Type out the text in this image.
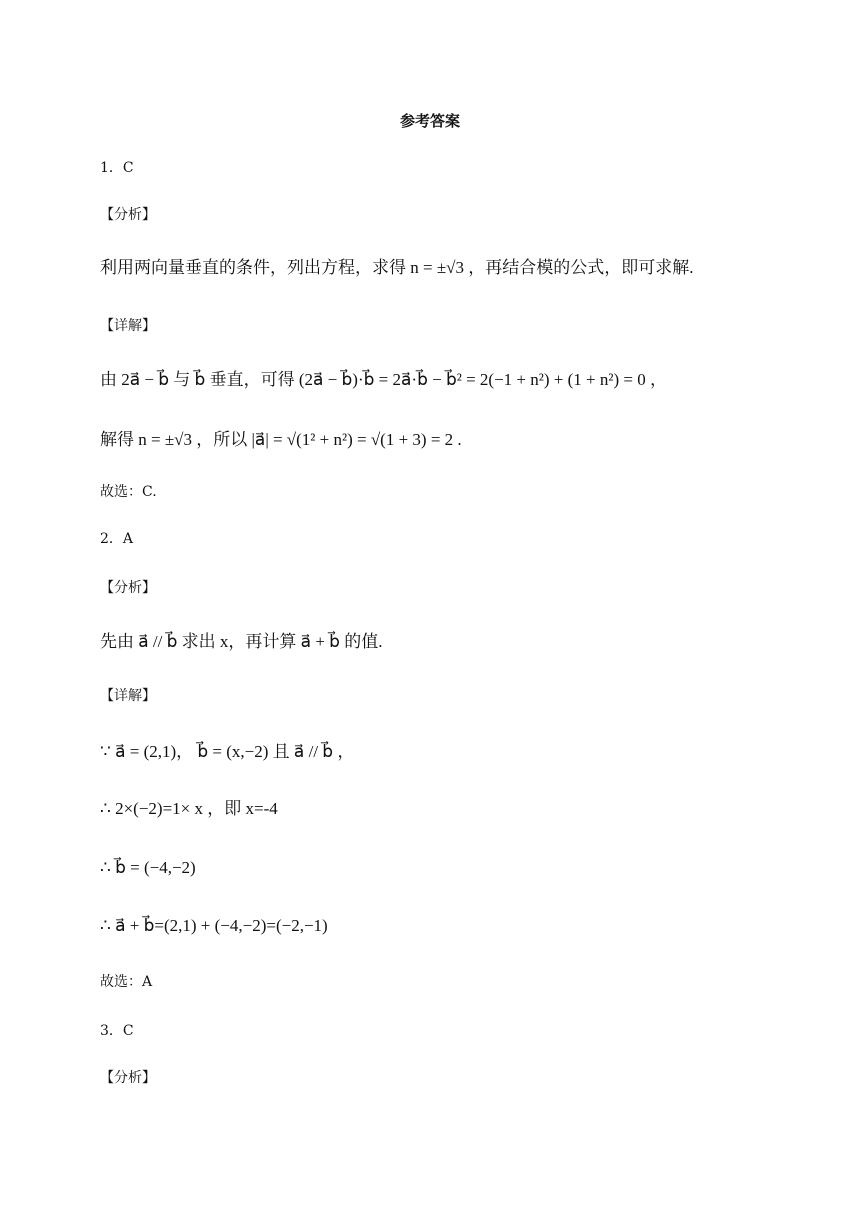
参考答案
1．C
【分析】
利用两向量垂直的条件，列出方程，求得 n = ±√3 ，再结合模的公式，即可求解.
【详解】
由 2a⃗ − b⃗ 与 b⃗ 垂直，可得 (2a⃗ − b⃗)·b⃗ = 2a⃗·b⃗ − b⃗² = 2(−1 + n²) + (1 + n²) = 0 ，
解得 n = ±√3 ，所以 |a⃗| = √(1² + n²) = √(1 + 3) = 2 .
故选：C.
2．A
【分析】
先由 a⃗ // b⃗ 求出 x，再计算 a⃗ + b⃗ 的值.
【详解】
∵ a⃗ = (2,1)， b⃗ = (x,−2) 且 a⃗ // b⃗ ，
∴ 2×(−2)=1× x ，即 x=-4
∴ b⃗ = (−4,−2)
∴ a⃗ + b⃗=(2,1) + (−4,−2)=(−2,−1)
故选：A
3．C
【分析】
